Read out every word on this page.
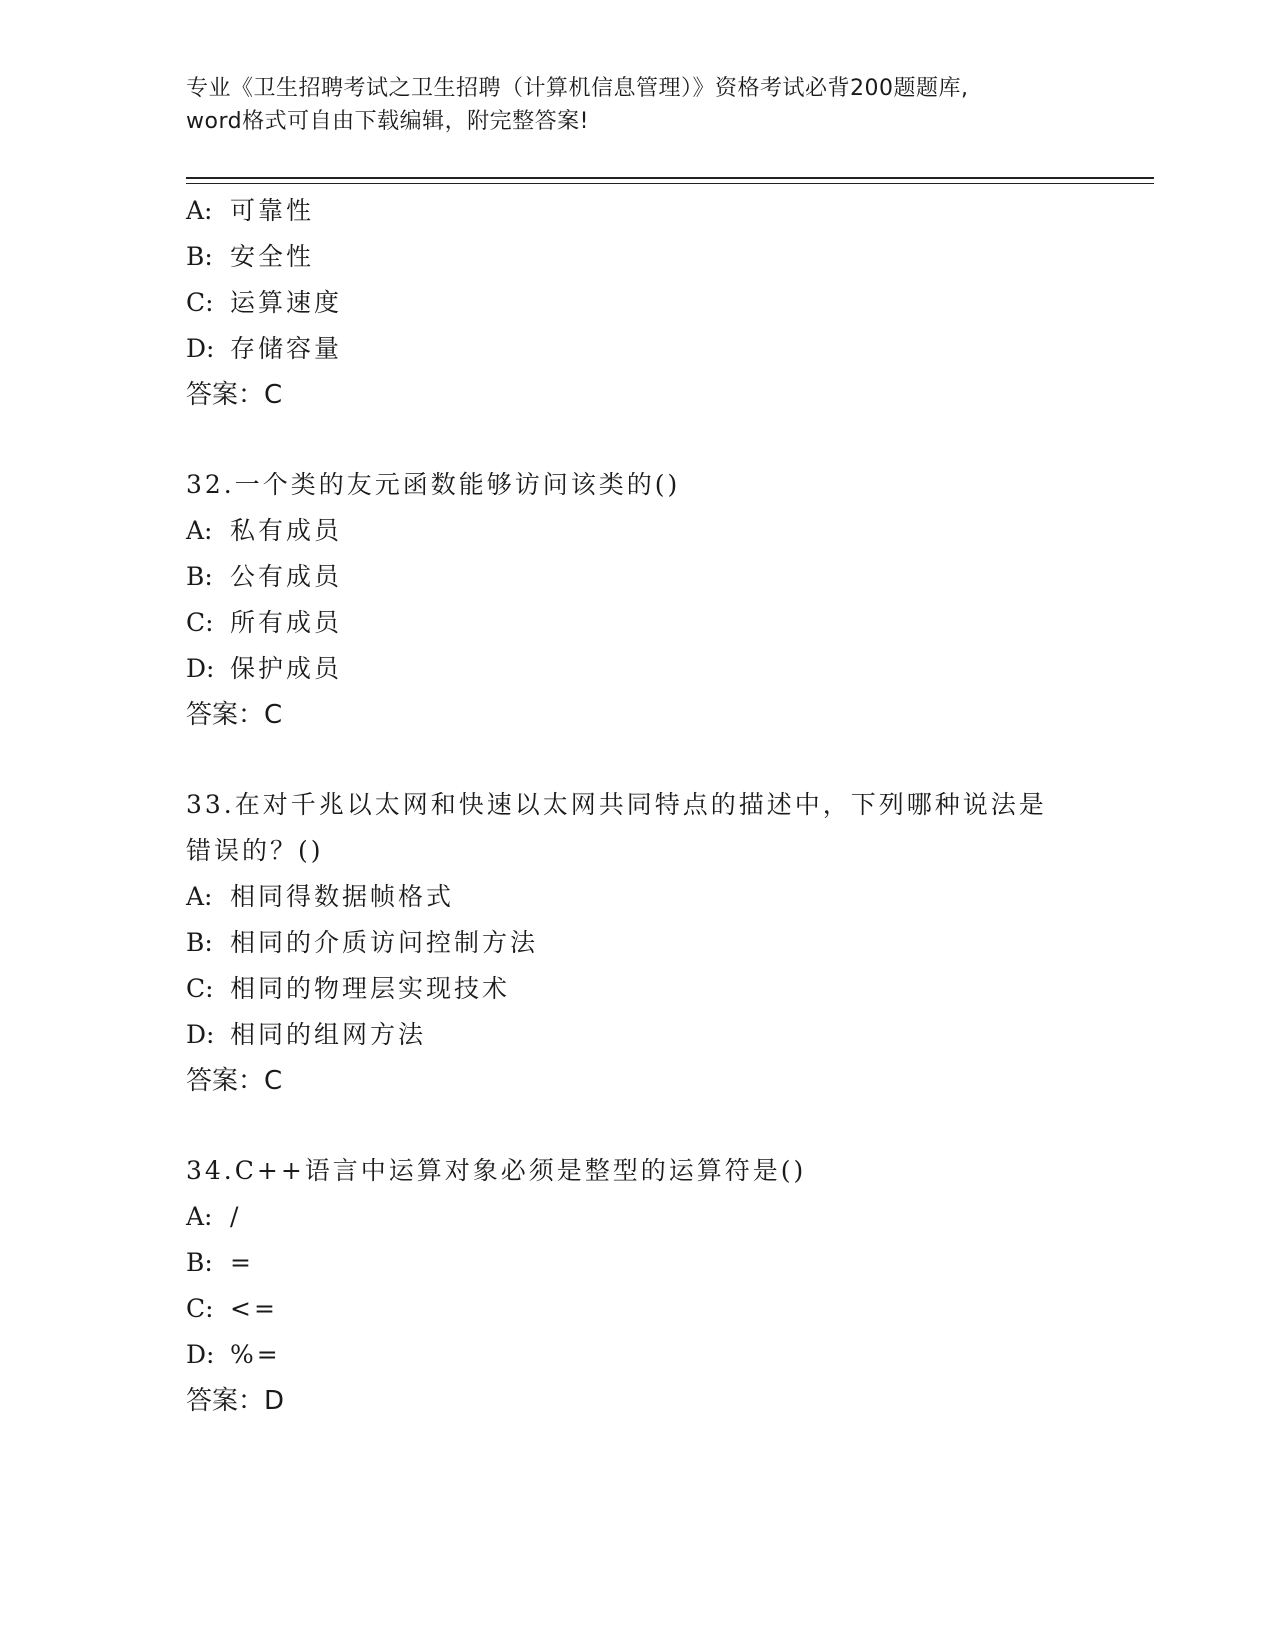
专业《卫生招聘考试之卫生招聘（计算机信息管理）》资格考试必背200题题库,
word格式可自由下载编辑，附完整答案!
A: 可靠性
B: 安全性
C: 运算速度
D: 存储容量
答案：C
32.一个类的友元函数能够访问该类的()
A: 私有成员
B: 公有成员
C: 所有成员
D: 保护成员
答案：C
33.在对千兆以太网和快速以太网共同特点的描述中，下列哪种说法是
错误的？()
A: 相同得数据帧格式
B: 相同的介质访问控制方法
C: 相同的物理层实现技术
D: 相同的组网方法
答案：C
34.C++语言中运算对象必须是整型的运算符是()
A: /
B: =
C: <=
D: %=
答案：D
